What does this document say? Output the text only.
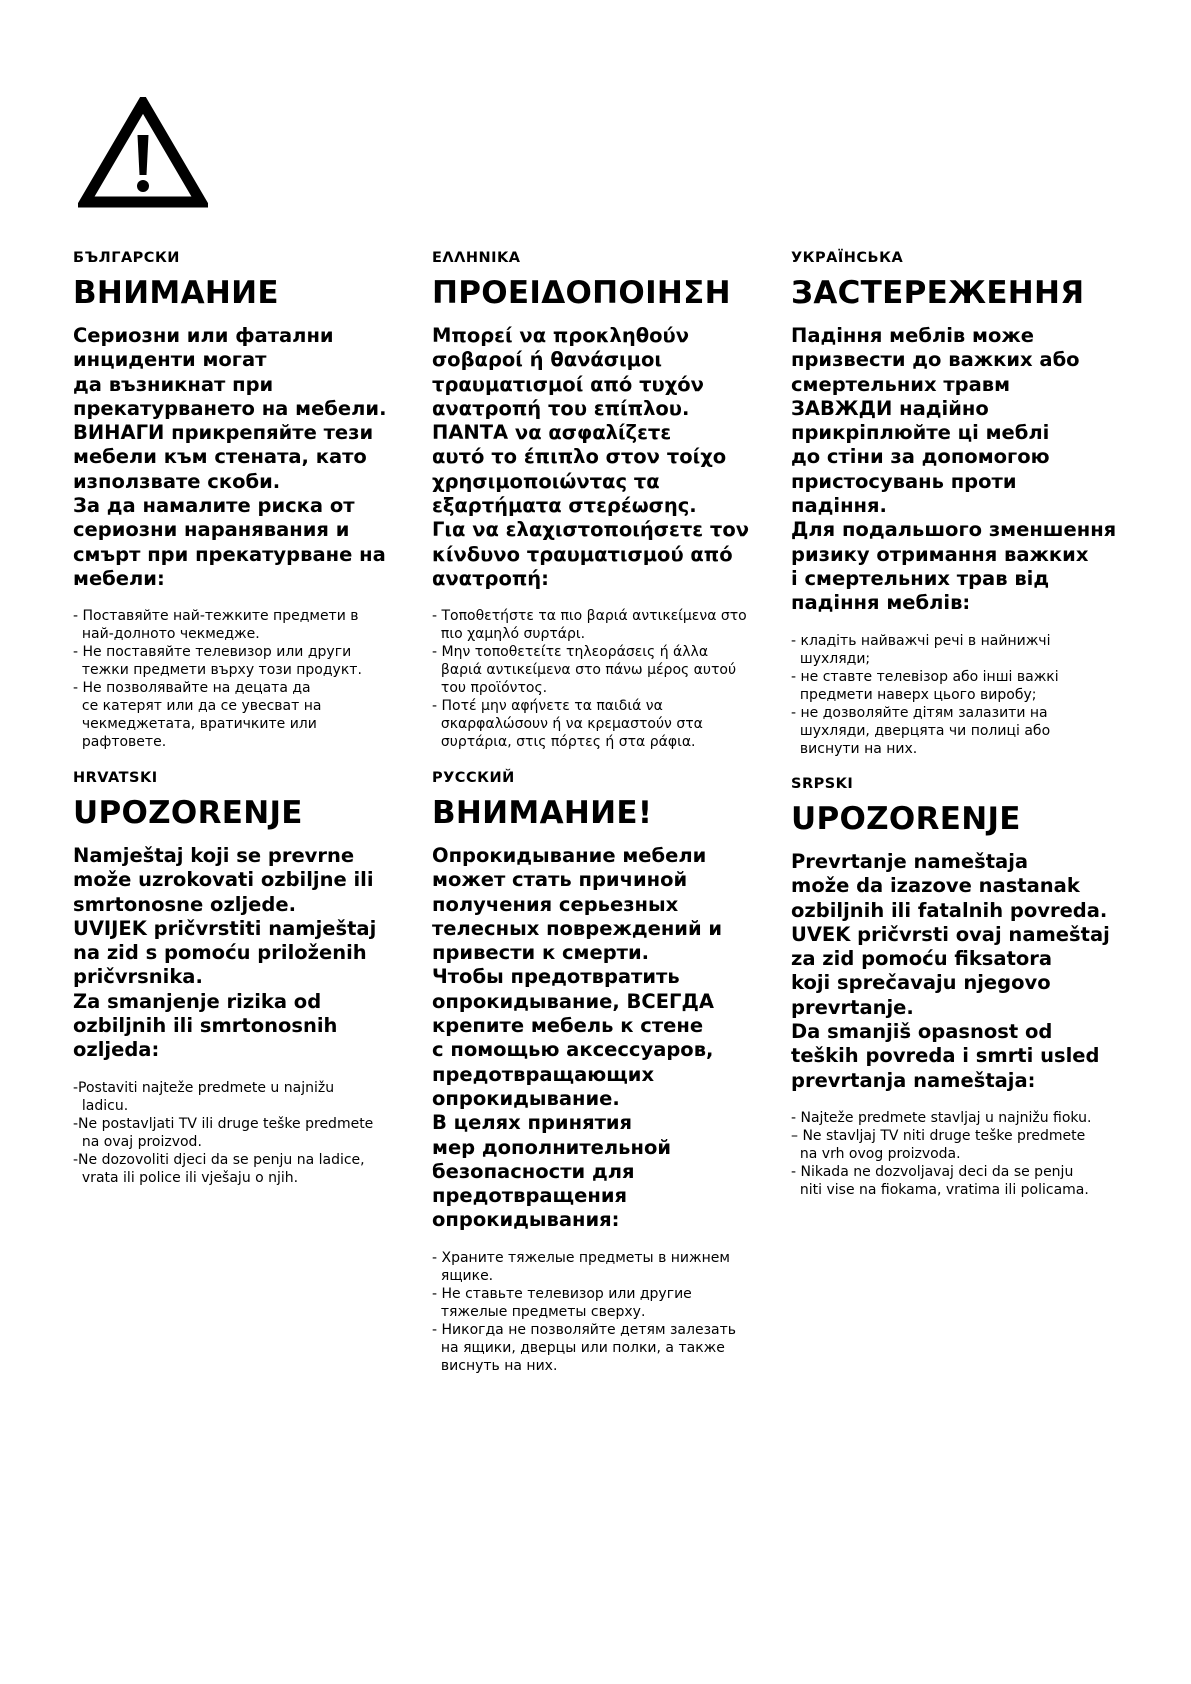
БЪЛГАРСКИ
ВНИМАНИЕ
Сериозни или фатални
инциденти могат
да възникнат при
прекатурването на мебели.
ВИНАГИ прикрепяйте тези
мебели към стената, като
използвате скоби.
За да намалите риска от
сериозни наранявания и
смърт при прекатурване на
мебели:
- Поставяйте най-тежките предмети в
най-долното чекмедже.
- Не поставяйте телевизор или други
тежки предмети върху този продукт.
- Не позволявайте на децата да
се катерят или да се увесват на
чекмеджетата, вратичките или
рафтовете.
ΕΛΛΗΝΙΚΑ
ΠΡΟΕΙΔΟΠΟΙΗΣΗ
Μπορεί να προκληθούν
σοβαροί ή θανάσιμοι
τραυματισμοί από τυχόν
ανατροπή του επίπλου.
ΠΑΝΤΑ να ασφαλίζετε
αυτό το έπιπλο στον τοίχο
χρησιμοποιώντας τα
εξαρτήματα στερέωσης.
Για να ελαχιστοποιήσετε τον
κίνδυνο τραυματισμού από
ανατροπή:
- Τοποθετήστε τα πιο βαριά αντικείμενα στο
πιο χαμηλό συρτάρι.
- Μην τοποθετείτε τηλεοράσεις ή άλλα
βαριά αντικείμενα στο πάνω μέρος αυτού
του προϊόντος.
- Ποτέ μην αφήνετε τα παιδιά να
σκαρφαλώσουν ή να κρεμαστούν στα
συρτάρια, στις πόρτες ή στα ράφια.
УКРАЇНСЬКА
ЗАСТЕРЕЖЕННЯ
Падіння меблів може
призвести до важких або
смертельних травм
ЗАВЖДИ надійно
прикріплюйте ці меблі
до стіни за допомогою
пристосувань проти
падіння.
Для подальшого зменшення
ризику отримання важких
і смертельних трав від
падіння меблів:
- кладіть найважчі речі в найнижчі
шухляди;
- не ставте телевізор або інші важкі
предмети наверх цього виробу;
- не дозволяйте дітям залазити на
шухляди, дверцята чи полиці або
виснути на них.
HRVATSKI
UPOZORENJE
Namještaj koji se prevrne
može uzrokovati ozbiljne ili
smrtonosne ozljede.
UVIJEK pričvrstiti namještaj
na zid s pomoću priloženih
pričvrsnika.
Za smanjenje rizika od
ozbiljnih ili smrtonosnih
ozljeda:
-Postaviti najteže predmete u najnižu
ladicu.
-Ne postavljati TV ili druge teške predmete
na ovaj proizvod.
-Ne dozovoliti djeci da se penju na ladice,
vrata ili police ili vješaju o njih.
РУССКИЙ
ВНИМАНИЕ!
Опрокидывание мебели
может стать причиной
получения серьезных
телесных повреждений и
привести к смерти.
Чтобы предотвратить
опрокидывание, ВСЕГДА
крепите мебель к стене
с помощью аксессуаров,
предотвращающих
опрокидывание.
В целях принятия
мер дополнительной
безопасности для
предотвращения
опрокидывания:
- Храните тяжелые предметы в нижнем
ящике.
- Не ставьте телевизор или другие
тяжелые предметы сверху.
- Никогда не позволяйте детям залезать
на ящики, дверцы или полки, а также
виснуть на них.
SRPSKI
UPOZORENJE
Prevrtanje nameštaja
može da izazove nastanak
ozbiljnih ili fatalnih povreda.
UVEK pričvrsti ovaj nameštaj
za zid pomoću fiksatora
koji sprečavaju njegovo
prevrtanje.
Da smanjiš opasnost od
teških povreda i smrti usled
prevrtanja nameštaja:
- Najteže predmete stavljaj u najnižu fioku.
– Ne stavljaj TV niti druge teške predmete
na vrh ovog proizvoda.
- Nikada ne dozvoljavaj deci da se penju
niti vise na fiokama, vratima ili policama.
